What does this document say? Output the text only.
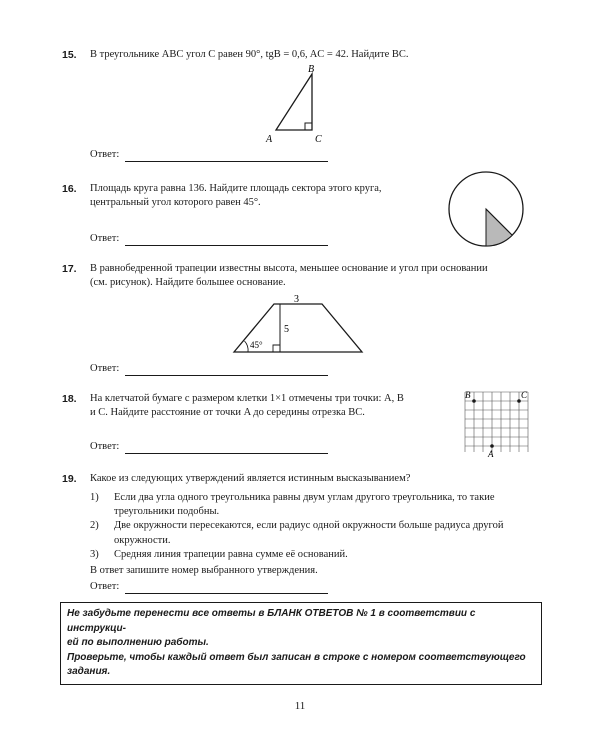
15. В треугольнике ABC угол C равен 90°, tgB = 0,6, AC = 42. Найдите BC.
A
B
C
Ответ:
16. Площадь круга равна 136. Найдите площадь сектора этого круга,
центральный угол которого равен 45°.
Ответ:
17. В равнобедренной трапеции известны высота, меньшее основание и угол при основании
(см. рисунок). Найдите большее основание.
3
5
45°
Ответ:
18. На клетчатой бумаге с размером клетки 1×1 отмечены три точки: A, B
и C. Найдите расстояние от точки A до середины отрезка BC.
B	C
A
Ответ:
19. Какое из следующих утверждений является истинным высказыванием?
1)	Если два угла одного треугольника равны двум углам другого треугольника, то такие треугольники подобны.
2)	Две окружности пересекаются, если радиус одной окружности больше радиуса другой окружности.
3)	Средняя линия трапеции равна сумме её оснований.
В ответ запишите номер выбранного утверждения.
Ответ:
Не забудьте перенести все ответы в БЛАНК ОТВЕТОВ № 1 в соответствии с инструкци-
ей по выполнению работы.
Проверьте, чтобы каждый ответ был записан в строке с номером соответствующего
задания.
11
